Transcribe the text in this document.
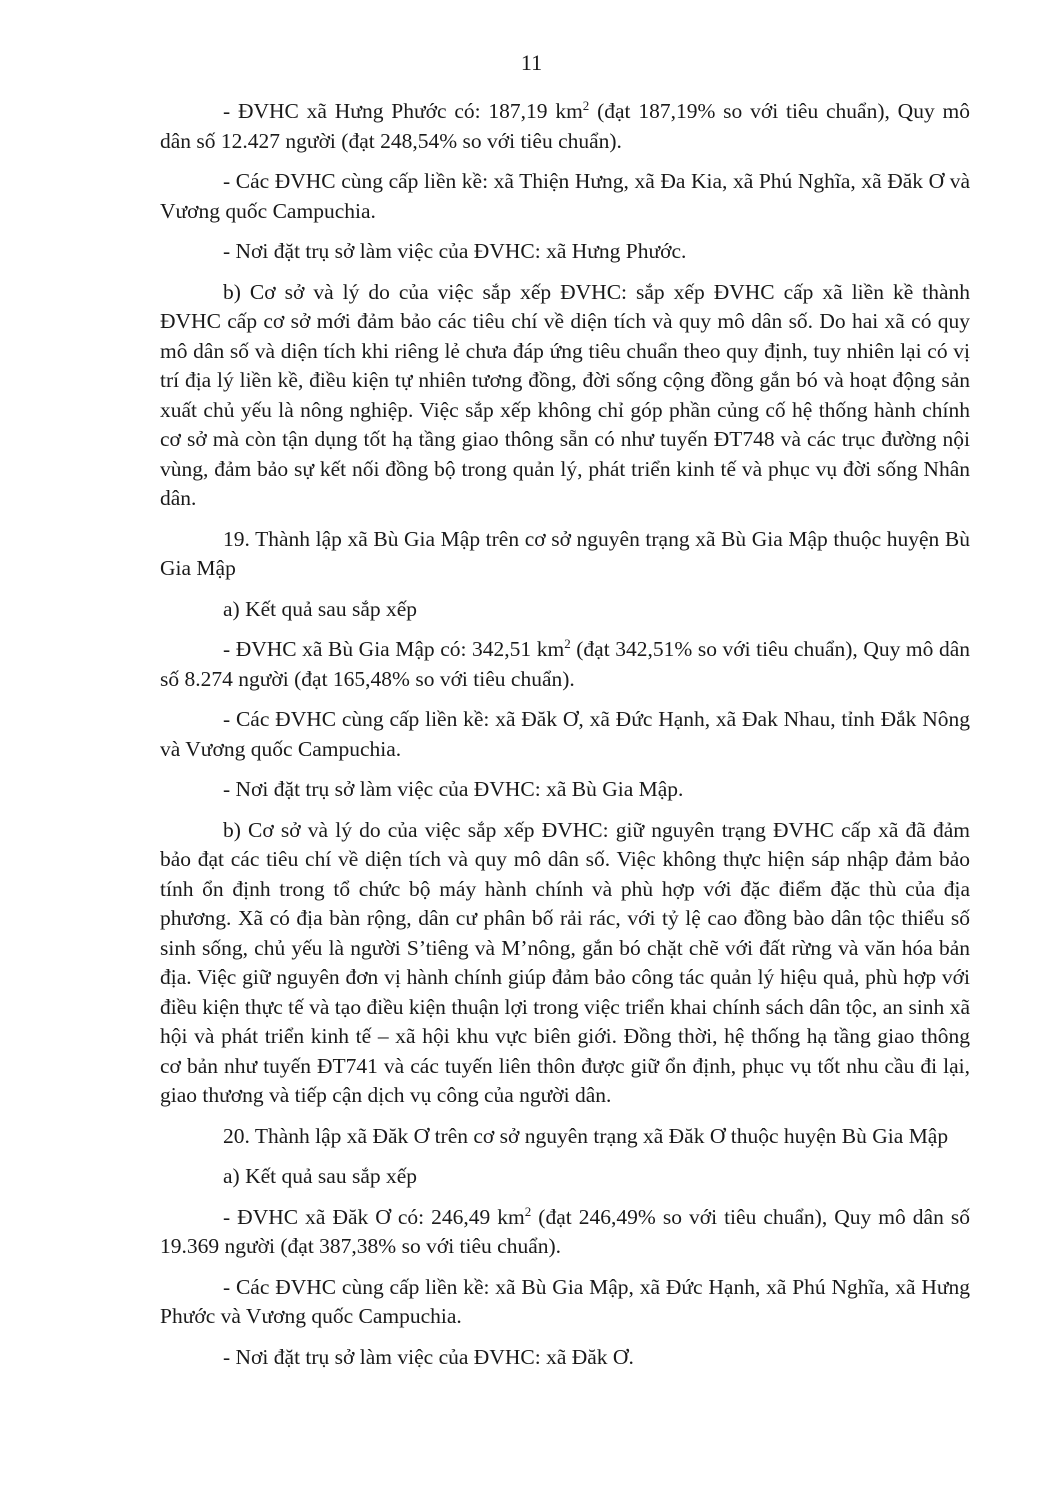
11

- ĐVHC xã Hưng Phước có: 187,19 $km^2$ (đạt 187,19% so với tiêu chuẩn), Quy mô dân số 12.427 người (đạt 248,54% so với tiêu chuẩn).

- Các ĐVHC cùng cấp liền kề: xã Thiện Hưng, xã Đa Kia, xã Phú Nghĩa, xã Đăk Ơ và Vương quốc Campuchia.

- Nơi đặt trụ sở làm việc của ĐVHC: xã Hưng Phước.

b) Cơ sở và lý do của việc sắp xếp ĐVHC: sắp xếp ĐVHC cấp xã liền kề thành ĐVHC cấp cơ sở mới đảm bảo các tiêu chí về diện tích và quy mô dân số. Do hai xã có quy mô dân số và diện tích khi riêng lẻ chưa đáp ứng tiêu chuẩn theo quy định, tuy nhiên lại có vị trí địa lý liền kề, điều kiện tự nhiên tương đồng, đời sống cộng đồng gắn bó và hoạt động sản xuất chủ yếu là nông nghiệp. Việc sắp xếp không chỉ góp phần củng cố hệ thống hành chính cơ sở mà còn tận dụng tốt hạ tầng giao thông sẵn có như tuyến ĐT748 và các trục đường nội vùng, đảm bảo sự kết nối đồng bộ trong quản lý, phát triển kinh tế và phục vụ đời sống Nhân dân.

19. Thành lập xã Bù Gia Mập trên cơ sở nguyên trạng xã Bù Gia Mập thuộc huyện Bù Gia Mập

a) Kết quả sau sắp xếp

- ĐVHC xã Bù Gia Mập có: 342,51 $km^2$ (đạt 342,51% so với tiêu chuẩn), Quy mô dân số 8.274 người (đạt 165,48% so với tiêu chuẩn).

- Các ĐVHC cùng cấp liền kề: xã Đăk Ơ, xã Đức Hạnh, xã Đak Nhau, tỉnh Đắk Nông và Vương quốc Campuchia.

- Nơi đặt trụ sở làm việc của ĐVHC: xã Bù Gia Mập.

b) Cơ sở và lý do của việc sắp xếp ĐVHC: giữ nguyên trạng ĐVHC cấp xã đã đảm bảo đạt các tiêu chí về diện tích và quy mô dân số. Việc không thực hiện sáp nhập đảm bảo tính ổn định trong tổ chức bộ máy hành chính và phù hợp với đặc điểm đặc thù của địa phương. Xã có địa bàn rộng, dân cư phân bố rải rác, với tỷ lệ cao đồng bào dân tộc thiểu số sinh sống, chủ yếu là người S’tiêng và M’nông, gắn bó chặt chẽ với đất rừng và văn hóa bản địa. Việc giữ nguyên đơn vị hành chính giúp đảm bảo công tác quản lý hiệu quả, phù hợp với điều kiện thực tế và tạo điều kiện thuận lợi trong việc triển khai chính sách dân tộc, an sinh xã hội và phát triển kinh tế – xã hội khu vực biên giới. Đồng thời, hệ thống hạ tầng giao thông cơ bản như tuyến ĐT741 và các tuyến liên thôn được giữ ổn định, phục vụ tốt nhu cầu đi lại, giao thương và tiếp cận dịch vụ công của người dân.

20. Thành lập xã Đăk Ơ trên cơ sở nguyên trạng xã Đăk Ơ thuộc huyện Bù Gia Mập

a) Kết quả sau sắp xếp

- ĐVHC xã Đăk Ơ có: 246,49 $km^2$ (đạt 246,49% so với tiêu chuẩn), Quy mô dân số 19.369 người (đạt 387,38% so với tiêu chuẩn).

- Các ĐVHC cùng cấp liền kề: xã Bù Gia Mập, xã Đức Hạnh, xã Phú Nghĩa, xã Hưng Phước và Vương quốc Campuchia.

- Nơi đặt trụ sở làm việc của ĐVHC: xã Đăk Ơ.
